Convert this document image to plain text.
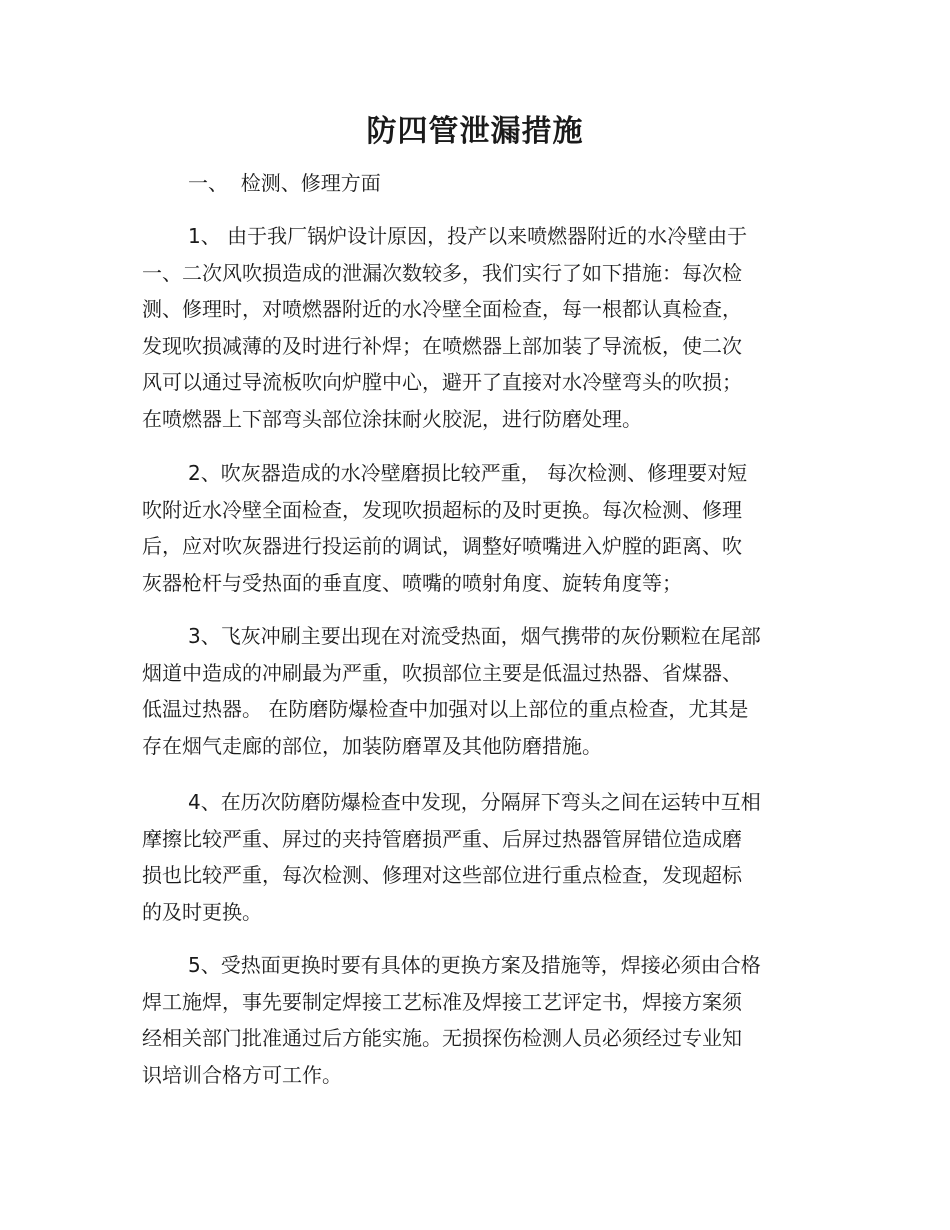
防四管泄漏措施
一、  检测、修理方面
1、 由于我厂锅炉设计原因，投产以来喷燃器附近的水冷壁由于
一、二次风吹损造成的泄漏次数较多，我们实行了如下措施：每次检
测、修理时，对喷燃器附近的水冷壁全面检查，每一根都认真检查，
发现吹损减薄的及时进行补焊；在喷燃器上部加装了导流板，使二次
风可以通过导流板吹向炉膛中心，避开了直接对水冷壁弯头的吹损；
在喷燃器上下部弯头部位涂抹耐火胶泥，进行防磨处理。
2、吹灰器造成的水冷壁磨损比较严重， 每次检测、修理要对短
吹附近水冷壁全面检查，发现吹损超标的及时更换。每次检测、修理
后，应对吹灰器进行投运前的调试，调整好喷嘴进入炉膛的距离、吹
灰器枪杆与受热面的垂直度、喷嘴的喷射角度、旋转角度等；
3、飞灰冲刷主要出现在对流受热面，烟气携带的灰份颗粒在尾部
烟道中造成的冲刷最为严重，吹损部位主要是低温过热器、省煤器、
低温过热器。 在防磨防爆检查中加强对以上部位的重点检查，尤其是
存在烟气走廊的部位，加装防磨罩及其他防磨措施。
4、在历次防磨防爆检查中发现，分隔屏下弯头之间在运转中互相
摩擦比较严重、屏过的夹持管磨损严重、后屏过热器管屏错位造成磨
损也比较严重，每次检测、修理对这些部位进行重点检查，发现超标
的及时更换。
5、受热面更换时要有具体的更换方案及措施等，焊接必须由合格
焊工施焊，事先要制定焊接工艺标准及焊接工艺评定书，焊接方案须
经相关部门批准通过后方能实施。无损探伤检测人员必须经过专业知
识培训合格方可工作。
